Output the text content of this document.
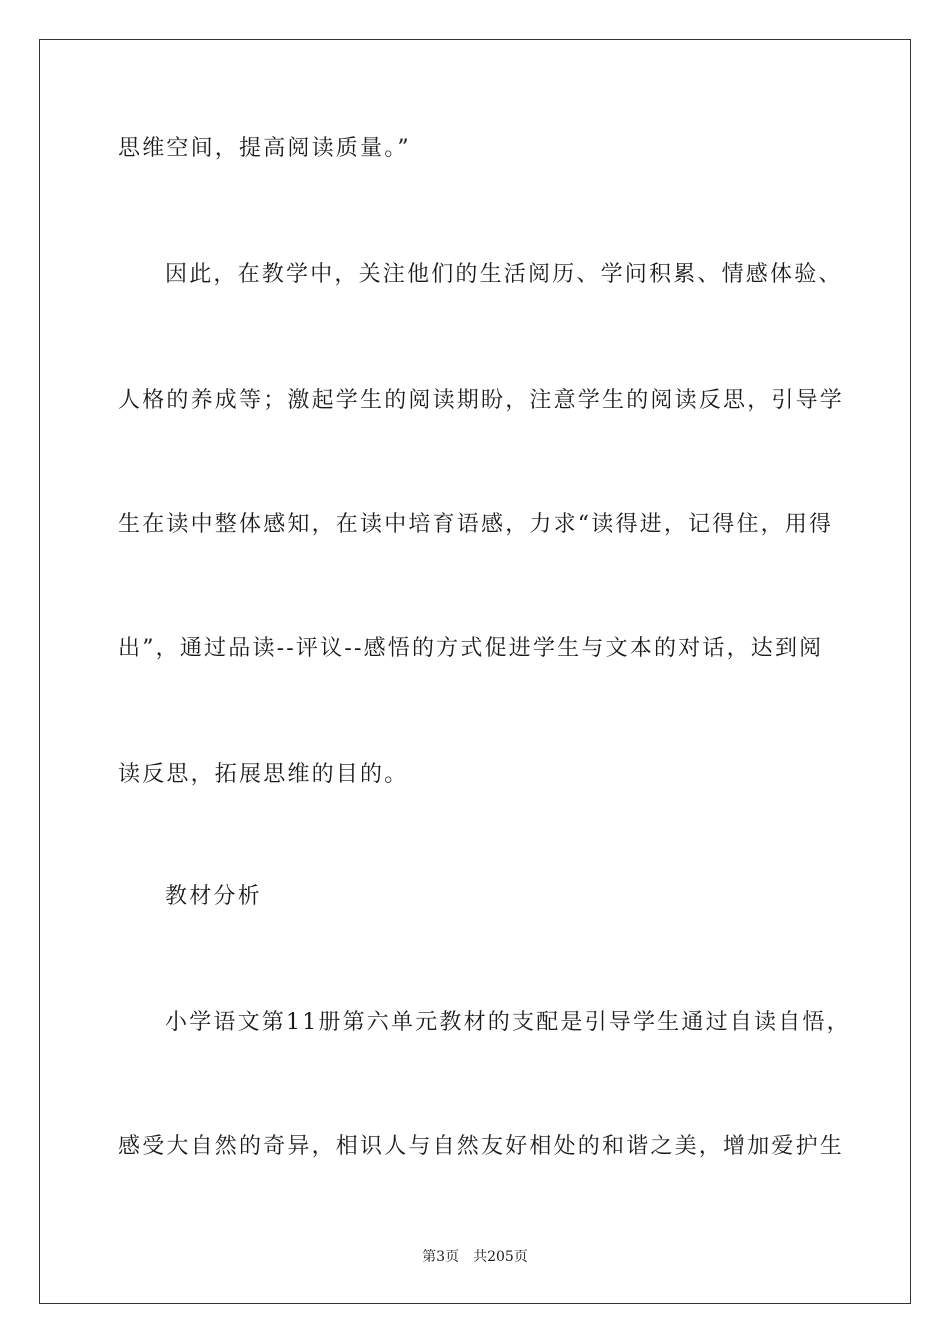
思维空间，提高阅读质量。”
因此，在教学中，关注他们的生活阅历、学问积累、情感体验、
人格的养成等；激起学生的阅读期盼，注意学生的阅读反思，引导学
生在读中整体感知，在读中培育语感，力求“读得进，记得住，用得
出”，通过品读--评议--感悟的方式促进学生与文本的对话，达到阅
读反思，拓展思维的目的。
教材分析
小学语文第11册第六单元教材的支配是引导学生通过自读自悟，
感受大自然的奇异，相识人与自然友好相处的和谐之美，增加爱护生
第3页 共205页
